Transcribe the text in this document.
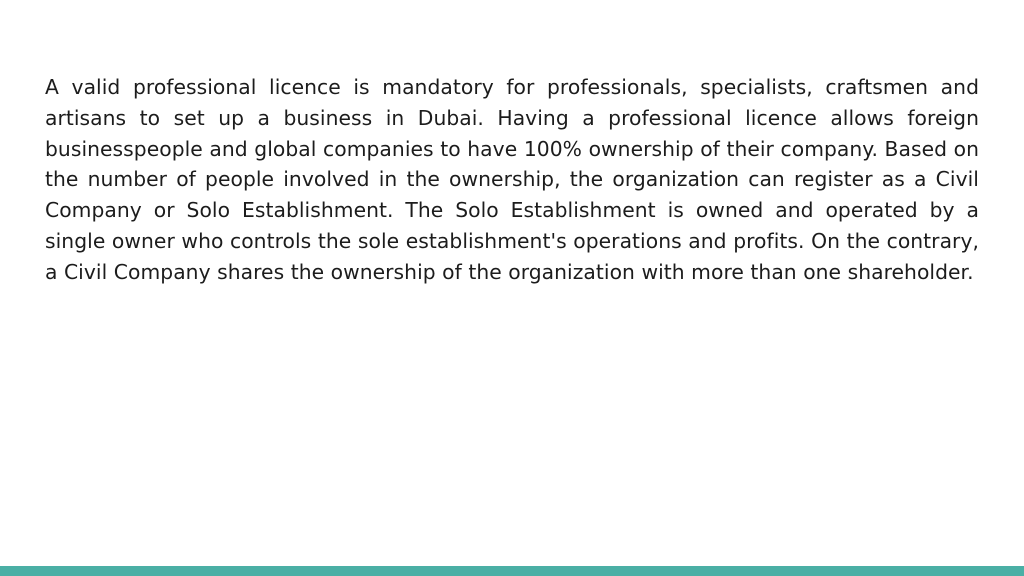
A valid professional licence is mandatory for professionals, specialists, craftsmen and artisans to set up a business in Dubai. Having a professional licence allows foreign businesspeople and global companies to have 100% ownership of their company. Based on the number of people involved in the ownership, the organization can register as a Civil Company or Solo Establishment. The Solo Establishment is owned and operated by a single owner who controls the sole establishment's operations and profits. On the contrary, a Civil Company shares the ownership of the organization with more than one shareholder.
